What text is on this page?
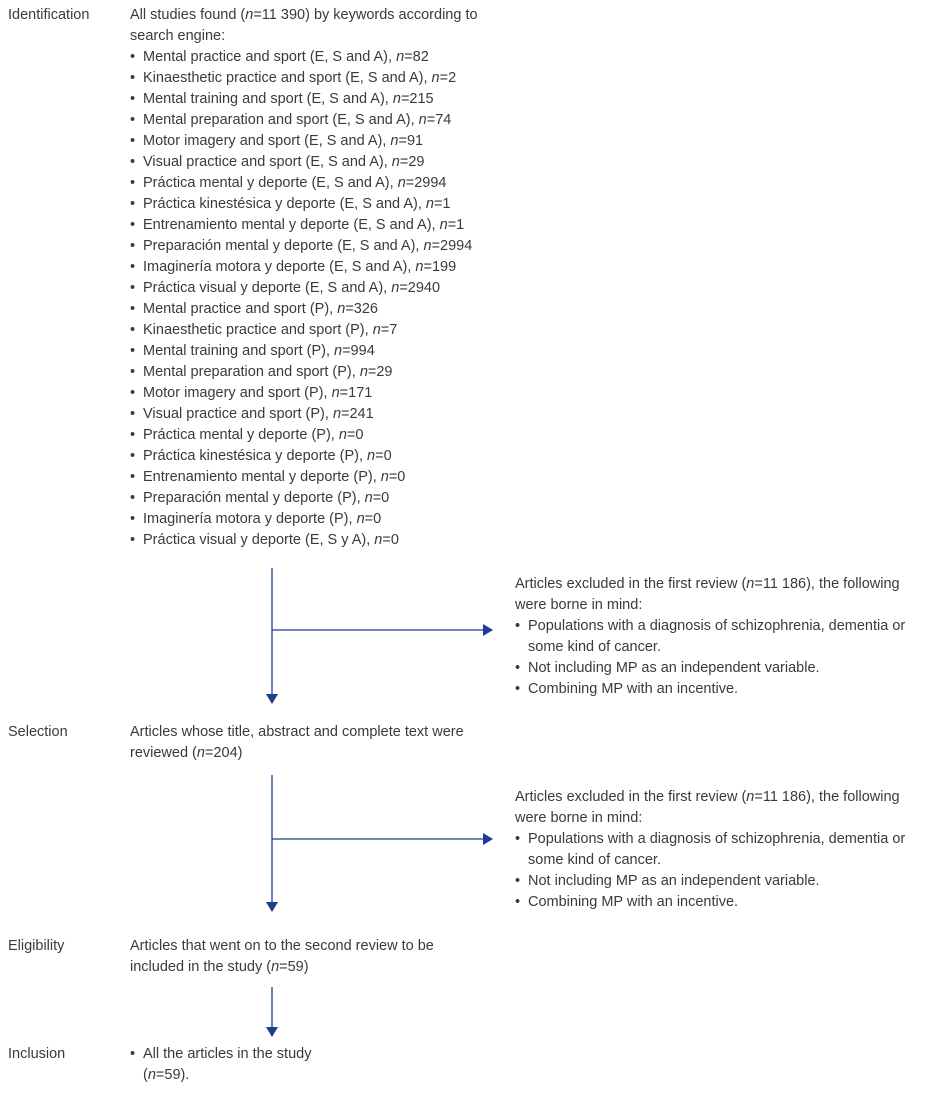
Identification
Selection
Eligibility
Inclusion
All studies found (n=11 390) by keywords according to search engine:
• Mental practice and sport (E, S and A), n=82
• Kinaesthetic practice and sport (E, S and A), n=2
• Mental training and sport (E, S and A), n=215
• Mental preparation and sport (E, S and A), n=74
• Motor imagery and sport (E, S and A), n=91
• Visual practice and sport (E, S and A), n=29
• Práctica mental y deporte (E, S and A), n=2994
• Práctica kinestésica y deporte (E, S and A), n=1
• Entrenamiento mental y deporte (E, S and A), n=1
• Preparación mental y deporte (E, S and A), n=2994
• Imaginería motora y deporte (E, S and A), n=199
• Práctica visual y deporte (E, S and A), n=2940
• Mental practice and sport (P), n=326
• Kinaesthetic practice and sport (P), n=7
• Mental training and sport (P), n=994
• Mental preparation and sport (P), n=29
• Motor imagery and sport (P), n=171
• Visual practice and sport (P), n=241
• Práctica mental y deporte (P), n=0
• Práctica kinestésica y deporte (P), n=0
• Entrenamiento mental y deporte (P), n=0
• Preparación mental y deporte (P), n=0
• Imaginería motora y deporte (P), n=0
• Práctica visual y deporte (E, S y A), n=0
Articles excluded in the first review (n=11 186), the following were borne in mind:
• Populations with a diagnosis of schizophrenia, dementia or some kind of cancer.
• Not including MP as an independent variable.
• Combining MP with an incentive.
Articles whose title, abstract and complete text were reviewed (n=204)
Articles excluded in the first review (n=11 186), the following were borne in mind:
• Populations with a diagnosis of schizophrenia, dementia or some kind of cancer.
• Not including MP as an independent variable.
• Combining MP with an incentive.
Articles that went on to the second review to be included in the study (n=59)
• All the articles in the study
(n=59).
